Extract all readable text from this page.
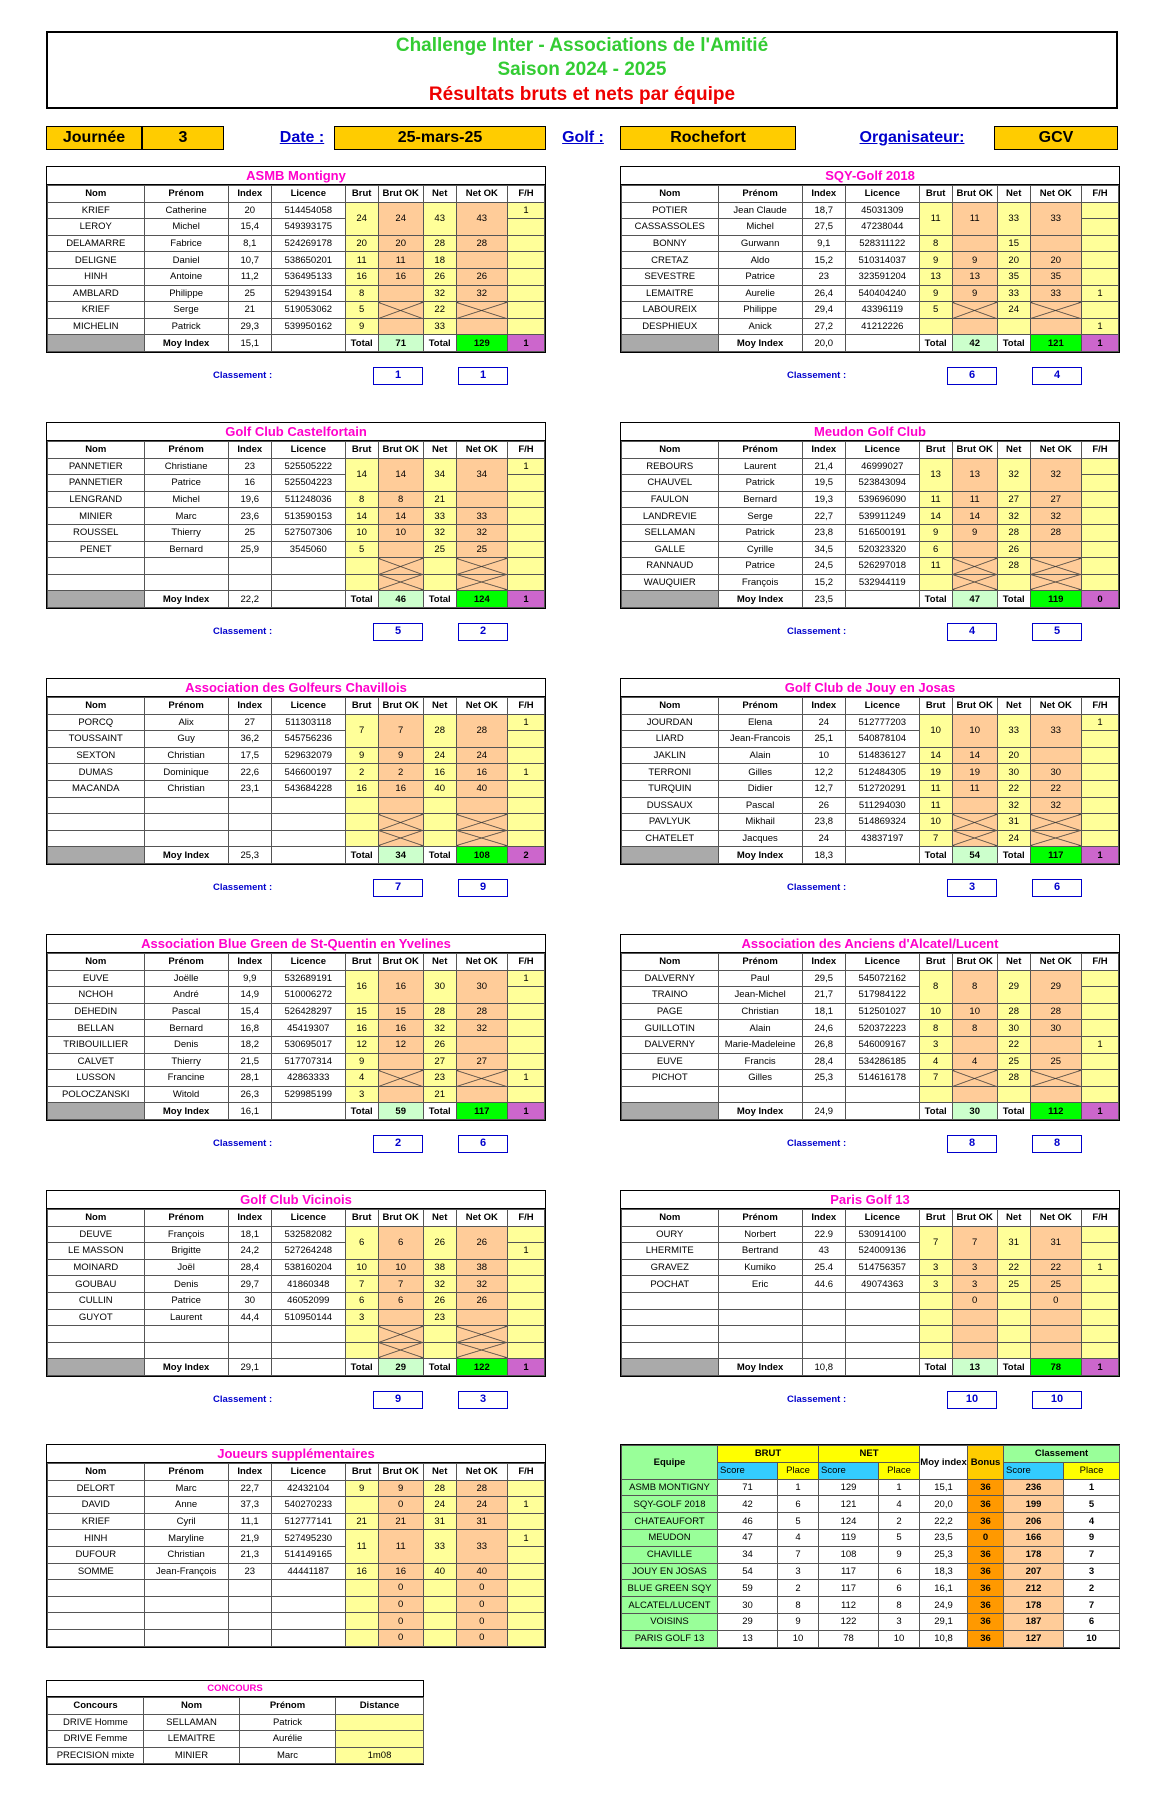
Challenge Inter - Associations de l'Amitié
Saison 2024 - 2025
Résultats bruts et nets par équipe
Journée	3	Date :	25-mars-25	Golf :	Rochefort	Organisateur:	GCV
Equipe	BRUT		NET		Moy index	Bonus	Classement	
	Score	Place	Score	Place			Score	Place
ASMB MONTIGNY	71	1	129	1	15,1	36	236	1
SQY-GOLF 2018	42	6	121	4	20,0	36	199	5
CHATEAUFORT	46	5	124	2	22,2	36	206	4
MEUDON	47	4	119	5	23,5	0	166	9
CHAVILLE	34	7	108	9	25,3	36	178	7
JOUY EN JOSAS	54	3	117	6	18,3	36	207	3
BLUE GREEN SQY	59	2	117	6	16,1	36	212	2
ALCATEL/LUCENT	30	8	112	8	24,9	36	178	7
VOISINS	29	9	122	3	29,1	36	187	6
PARIS GOLF 13	13	10	78	10	10,8	36	127	10
CONCOURS
Concours	Nom	Prénom	Distance
DRIVE Homme	SELLAMAN	Patrick	
DRIVE Femme	LEMAITRE	Aurélie	
PRECISION mixte	MINIER	Marc	1m08
ASMB Montigny
Nom	Prénom	Index	Licence	Brut	Brut OK	Net	Net OK	F/H
KRIEF	Catherine	20	514454058	24	24	43	43	1
LEROY	Michel	15,4	549393175					
DELAMARRE	Fabrice	8,1	524269178	20	20	28	28	
DELIGNE	Daniel	10,7	538650201	11	11	18		
HINH	Antoine	11,2	536495133	16	16	26	26	
AMBLARD	Philippe	25	529439154	8		32	32	
KRIEF	Serge	21	519053062	5		22		
MICHELIN	Patrick	29,3	539950162	9		33		
	Moy Index	15,1		Total	71	Total	129	1
Classement :	1	1
SQY-Golf 2018
Nom	Prénom	Index	Licence	Brut	Brut OK	Net	Net OK	F/H
POTIER	Jean Claude	18,7	45031309	11	11	33	33	
CASSASSOLES	Michel	27,5	47238044					
BONNY	Gurwann	9,1	528311122	8		15		
CRETAZ	Aldo	15,2	510314037	9	9	20	20	
SEVESTRE	Patrice	23	323591204	13	13	35	35	
LEMAITRE	Aurelie	26,4	540404240	9	9	33	33	1
LABOUREIX	Philippe	29,4	43396119	5		24		
DESPHIEUX	Anick	27,2	41212226					1
	Moy Index	20,0		Total	42	Total	121	1
Classement :	6	4
Golf Club Castelfortain
Nom	Prénom	Index	Licence	Brut	Brut OK	Net	Net OK	F/H
PANNETIER	Christiane	23	525505222	14	14	34	34	1
PANNETIER	Patrice	16	525504223					
LENGRAND	Michel	19,6	511248036	8	8	21		
MINIER	Marc	23,6	513590153	14	14	33	33	
ROUSSEL	Thierry	25	527507306	10	10	32	32	
PENET	Bernard	25,9	3545060	5		25	25	

	Moy Index	22,2		Total	46	Total	124	1
Classement :	5	2
Meudon Golf Club
Nom	Prénom	Index	Licence	Brut	Brut OK	Net	Net OK	F/H
REBOURS	Laurent	21,4	46999027	13	13	32	32	
CHAUVEL	Patrick	19,5	523843094					
FAULON	Bernard	19,3	539696090	11	11	27	27	
LANDREVIE	Serge	22,7	539911249	14	14	32	32	
SELLAMAN	Patrick	23,8	516500191	9	9	28	28	
GALLE	Cyrille	34,5	520323320	6		26		
RANNAUD	Patrice	24,5	526297018	11		28		
WAUQUIER	François	15,2	532944119					
	Moy Index	23,5		Total	47	Total	119	0
Classement :	4	5
Association des Golfeurs Chavillois
Nom	Prénom	Index	Licence	Brut	Brut OK	Net	Net OK	F/H
PORCQ	Alix	27	511303118	7	7	28	28	1
TOUSSAINT	Guy	36,2	545756236					
SEXTON	Christian	17,5	529632079	9	9	24	24	
DUMAS	Dominique	22,6	546600197	2	2	16	16	1
MACANDA	Christian	23,1	543684228	16	16	40	40	

	Moy Index	25,3		Total	34	Total	108	2
Classement :	7	9
Golf Club de Jouy en Josas
Nom	Prénom	Index	Licence	Brut	Brut OK	Net	Net OK	F/H
JOURDAN	Elena	24	512777203	10	10	33	33	1
LIARD	Jean-Francois	25,1	540878104					
JAKLIN	Alain	10	514836127	14	14	20		
TERRONI	Gilles	12,2	512484305	19	19	30	30	
TURQUIN	Didier	12,7	512720291	11	11	22	22	
DUSSAUX	Pascal	26	511294030	11		32	32	
PAVLYUK	Mikhail	23,8	514869324	10		31		
CHATELET	Jacques	24	43837197	7		24		
	Moy Index	18,3		Total	54	Total	117	1
Classement :	3	6
Association Blue Green de St-Quentin en Yvelines
Nom	Prénom	Index	Licence	Brut	Brut OK	Net	Net OK	F/H
EUVE	Joëlle	9,9	532689191	16	16	30	30	1
NCHOH	André	14,9	510006272					
DEHEDIN	Pascal	15,4	526428297	15	15	28	28	
BELLAN	Bernard	16,8	45419307	16	16	32	32	
TRIBOUILLIER	Denis	18,2	530695017	12	12	26		
CALVET	Thierry	21,5	517707314	9		27	27	
LUSSON	Francine	28,1	42863333	4		23		1
POLOCZANSKI	Witold	26,3	529985199	3		21		
	Moy Index	16,1		Total	59	Total	117	1
Classement :	2	6
Association des Anciens d'Alcatel/Lucent
Nom	Prénom	Index	Licence	Brut	Brut OK	Net	Net OK	F/H
DALVERNY	Paul	29,5	545072162	8	8	29	29	
TRAINO	Jean-Michel	21,7	517984122					
PAGE	Christian	18,1	512501027	10	10	28	28	
GUILLOTIN	Alain	24,6	520372223	8	8	30	30	
DALVERNY	Marie-Madeleine	26,8	546009167	3		22		1
EUVE	Francis	28,4	534286185	4	4	25	25	
PICHOT	Gilles	25,3	514616178	7		28		

	Moy Index	24,9		Total	30	Total	112	1
Classement :	8	8
Golf Club Vicinois
Nom	Prénom	Index	Licence	Brut	Brut OK	Net	Net OK	F/H
DEUVE	François	18,1	532582082	6	6	26	26	
LE MASSON	Brigitte	24,2	527264248					1
MOINARD	Joël	28,4	538160204	10	10	38	38	
GOUBAU	Denis	29,7	41860348	7	7	32	32	
CULLIN	Patrice	30	46052099	6	6	26	26	
GUYOT	Laurent	44,4	510950144	3		23		

	Moy Index	29,1		Total	29	Total	122	1
Classement :	9	3
Paris Golf 13
Nom	Prénom	Index	Licence	Brut	Brut OK	Net	Net OK	F/H
OURY	Norbert	22.9	530914100	7	7	31	31	
LHERMITE	Bertrand	43	524009136					
GRAVEZ	Kumiko	25.4	514756357	3	3	22	22	1
POCHAT	Eric	44.6	49074363	3	3	25	25	
					0		0	

	Moy Index	10,8		Total	13	Total	78	1
Classement :	10	10
Joueurs supplémentaires
Nom	Prénom	Index	Licence	Brut	Brut OK	Net	Net OK	F/H
DELORT	Marc	22,7	42432104	9	9	28	28	
DAVID	Anne	37,3	540270233		0	24	24	1
KRIEF	Cyril	11,1	512777141	21	21	31	31	
HINH	Maryline	21,9	527495230	11	11	33	33	1
DUFOUR	Christian	21,3	514149165					
SOMME	Jean-François	23	44441187	16	16	40	40	
					0		0	
					0		0	
					0		0	
					0		0	
